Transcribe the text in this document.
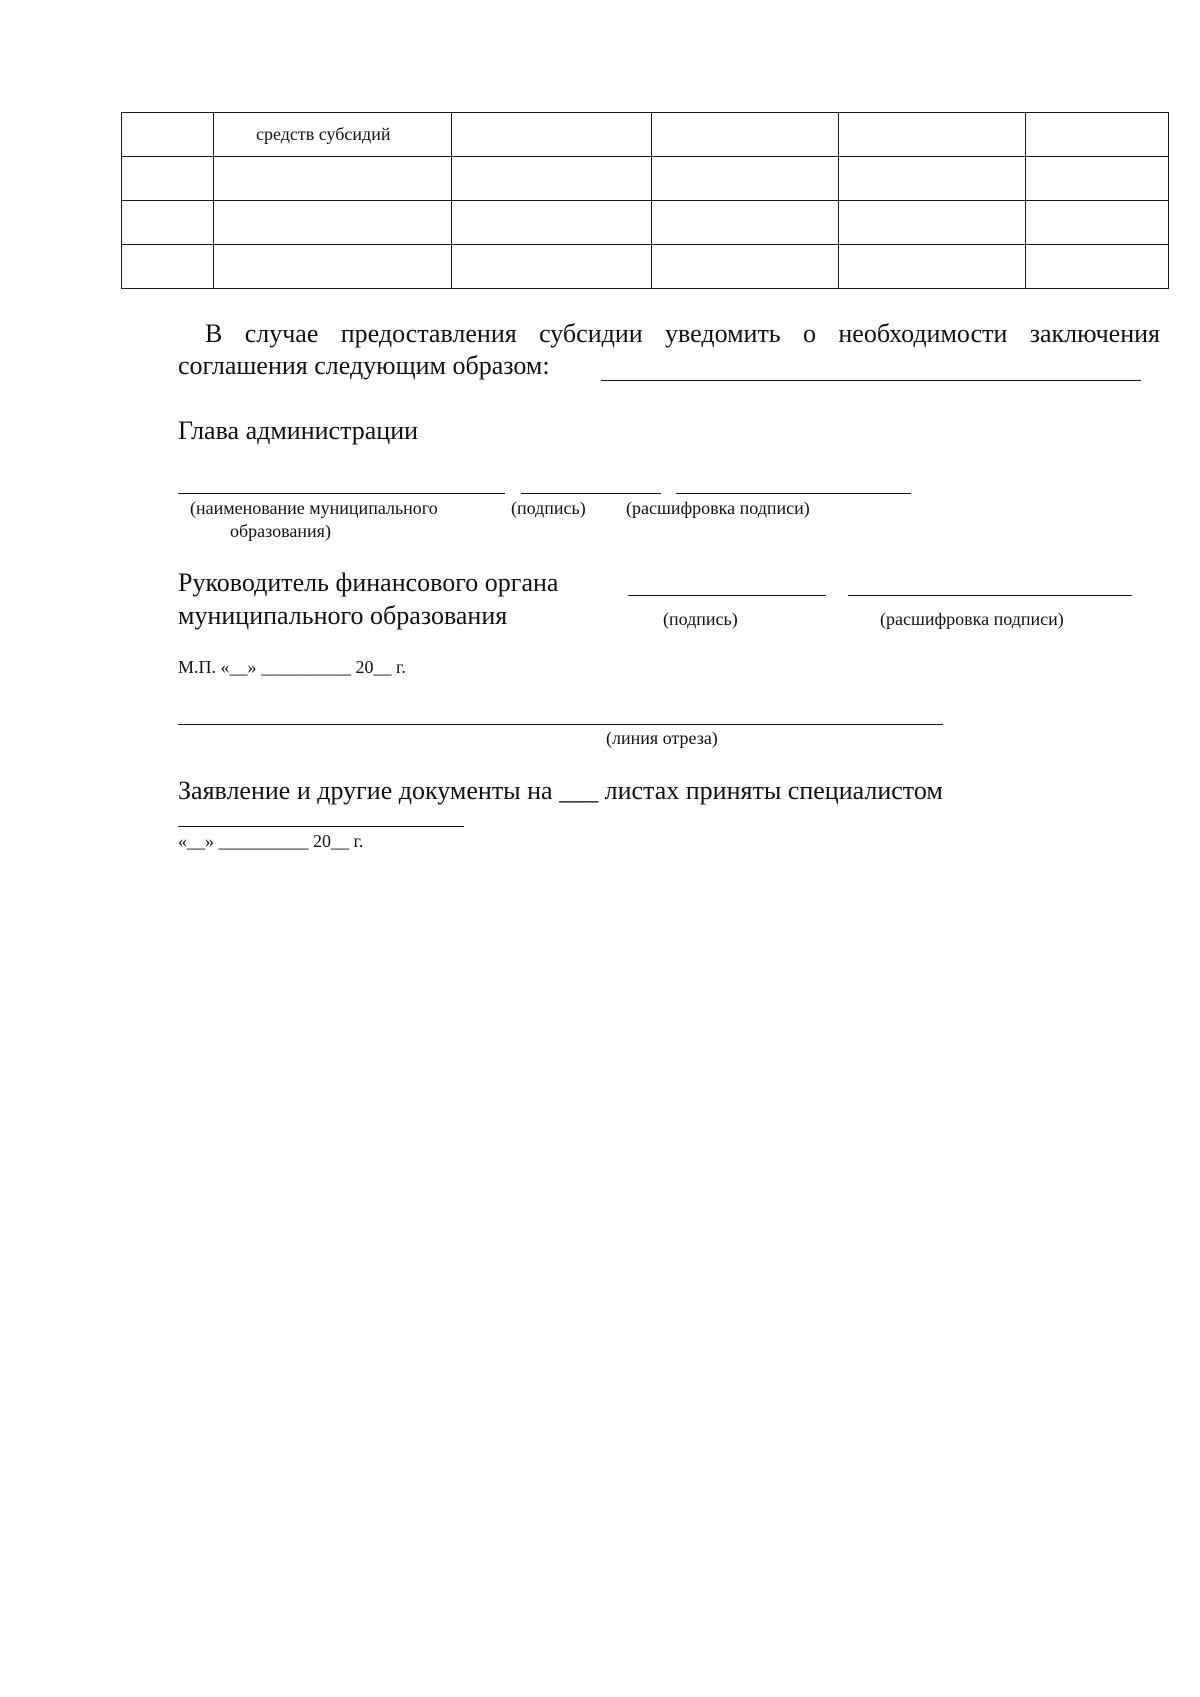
	средств субсидий				

В случае предоставления субсидии уведомить о необходимости заключения
соглашения следующим образом:
Глава администрации
(наименование муниципального
образования)
(подпись) (расшифровка подписи)
Руководитель финансового органа
муниципального образования	(подпись)	(расшифровка подписи)
М.П. «__» __________ 20__ г.
(линия отреза)
Заявление и другие документы на ___ листах приняты специалистом
«__» __________ 20__ г.
